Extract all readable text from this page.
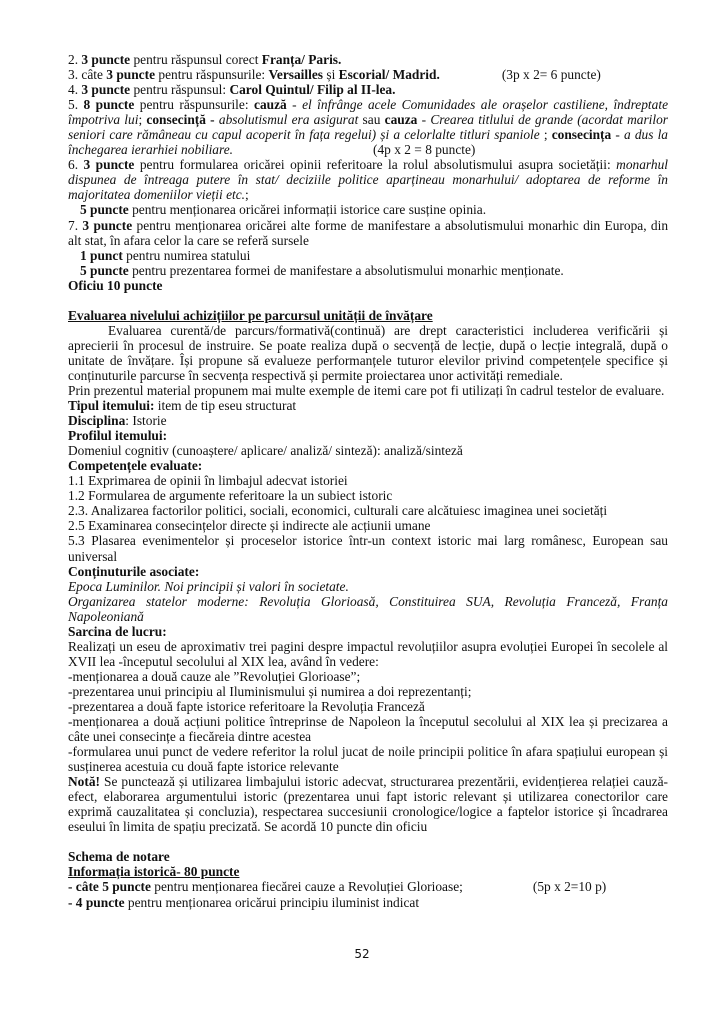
2. 3 puncte pentru răspunsul corect Franța/ Paris.
3. câte 3 puncte pentru răspunsurile: Versailles și Escorial/ Madrid.	(3p x 2= 6 puncte)
4. 3 puncte pentru răspunsul: Carol Quintul/ Filip al II-lea.
5. 8 puncte pentru răspunsurile: cauză - el înfrânge acele Comunidades ale orașelor castiliene, îndreptate împotriva lui; consecință - absolutismul era asigurat sau cauza - Crearea titlului de grande (acordat marilor seniori care rămâneau cu capul acoperit în fața regelui) și a celorlalte titluri spaniole ; consecința - a dus la închegarea ierarhiei nobiliare.	(4p x 2 = 8 puncte)
6. 3 puncte pentru formularea oricărei opinii referitoare la rolul absolutismului asupra societății: monarhul dispunea de întreaga putere în stat/ deciziile politice aparțineau monarhului/ adoptarea de reforme în majoritatea domeniilor vieții etc.;
5 puncte pentru menționarea oricărei informații istorice care susține opinia.
7. 3 puncte pentru menționarea oricărei alte forme de manifestare a absolutismului monarhic din Europa, din alt stat, în afara celor la care se referă sursele
1 punct pentru numirea statului
5 puncte pentru prezentarea formei de manifestare a absolutismului monarhic menționate.
Oficiu 10 puncte
Evaluarea nivelului achizițiilor pe parcursul unității de învățare
Evaluarea curentă/de parcurs/formativă(continuă) are drept caracteristici includerea verificării și aprecierii în procesul de instruire. Se poate realiza după o secvență de lecție, după o lecție integrală, după o unitate de învățare. Își propune să evalueze performanțele tuturor elevilor privind competențele specifice și conținuturile parcurse în secvența respectivă și permite proiectarea unor activități remediale.
Prin prezentul material propunem mai multe exemple de itemi care pot fi utilizați în cadrul testelor de evaluare.
Tipul itemului: item de tip eseu structurat
Disciplina: Istorie
Profilul itemului:
Domeniul cognitiv (cunoaștere/ aplicare/ analiză/ sinteză): analiză/sinteză
Competențele evaluate:
1.1 Exprimarea de opinii în limbajul adecvat istoriei
1.2 Formularea de argumente referitoare la un subiect istoric
2.3. Analizarea factorilor politici, sociali, economici, culturali care alcătuiesc imaginea unei societăți
2.5 Examinarea consecințelor directe și indirecte ale acțiunii umane
5.3 Plasarea evenimentelor și proceselor istorice într-un context istoric mai larg românesc, European sau universal
Conținuturile asociate:
Epoca Luminilor. Noi principii și valori în societate.
Organizarea statelor moderne: Revoluția Glorioasă, Constituirea SUA, Revoluția Franceză, Franța Napoleoniană
Sarcina de lucru:
Realizați un eseu de aproximativ trei pagini despre impactul revoluțiilor asupra evoluției Europei în secolele al XVII lea -începutul secolului al XIX lea, având în vedere:
-menționarea a două cauze ale ”Revoluției Glorioase”;
-prezentarea unui principiu al Iluminismului și numirea a doi reprezentanți;
-prezentarea a două fapte istorice referitoare la Revoluția Franceză
-menționarea a două acțiuni politice întreprinse de Napoleon la începutul secolului al XIX lea și precizarea a câte unei consecințe a fiecăreia dintre acestea
-formularea unui punct de vedere referitor la rolul jucat de noile principii politice în afara spațiului european și susținerea acestuia cu două fapte istorice relevante
Notă! Se punctează și utilizarea limbajului istoric adecvat, structurarea prezentării, evidențierea relației cauză-efect, elaborarea argumentului istoric (prezentarea unui fapt istoric relevant și utilizarea conectorilor care exprimă cauzalitatea și concluzia), respectarea succesiunii cronologice/logice a faptelor istorice și încadrarea eseului în limita de spațiu precizată. Se acordă 10 puncte din oficiu
Schema de notare
Informația istorică- 80 puncte
- câte 5 puncte pentru menționarea fiecărei cauze a Revoluției Glorioase;	(5p x 2=10 p)
- 4 puncte pentru menționarea oricărui principiu iluminist indicat
52
